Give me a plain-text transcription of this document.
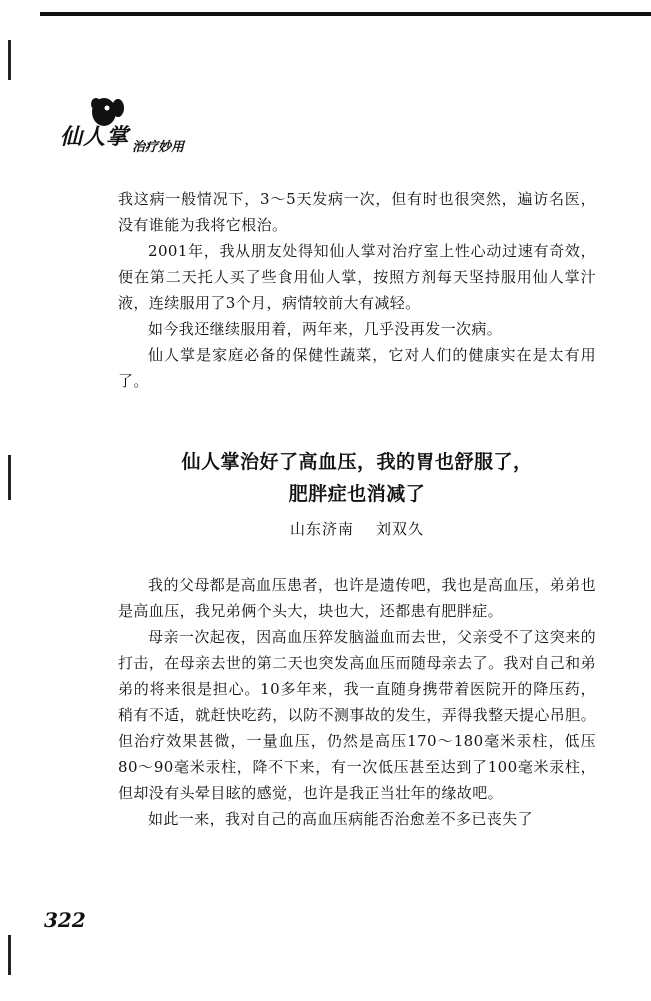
仙人掌 治疗妙用

我这病一般情况下，3～5天发病一次，但有时也很突然，遍访名医，没有谁能为我将它根治。

2001年，我从朋友处得知仙人掌对治疗室上性心动过速有奇效，便在第二天托人买了些食用仙人掌，按照方剂每天坚持服用仙人掌汁液，连续服用了3个月，病情较前大有减轻。

如今我还继续服用着，两年来，几乎没再发一次病。

仙人掌是家庭必备的保健性蔬菜，它对人们的健康实在是太有用了。

仙人掌治好了高血压，我的胃也舒服了，
肥胖症也消减了
山东济南 刘双久

我的父母都是高血压患者，也许是遗传吧，我也是高血压，弟弟也是高血压，我兄弟俩个头大，块也大，还都患有肥胖症。

母亲一次起夜，因高血压猝发脑溢血而去世，父亲受不了这突来的打击，在母亲去世的第二天也突发高血压而随母亲去了。我对自己和弟弟的将来很是担心。10多年来，我一直随身携带着医院开的降压药，稍有不适，就赶快吃药，以防不测事故的发生，弄得我整天提心吊胆。但治疗效果甚微，一量血压，仍然是高压170～180毫米汞柱，低压80～90毫米汞柱，降不下来，有一次低压甚至达到了100毫米汞柱，但却没有头晕目眩的感觉，也许是我正当壮年的缘故吧。

如此一来，我对自己的高血压病能否治愈差不多已丧失了

322
